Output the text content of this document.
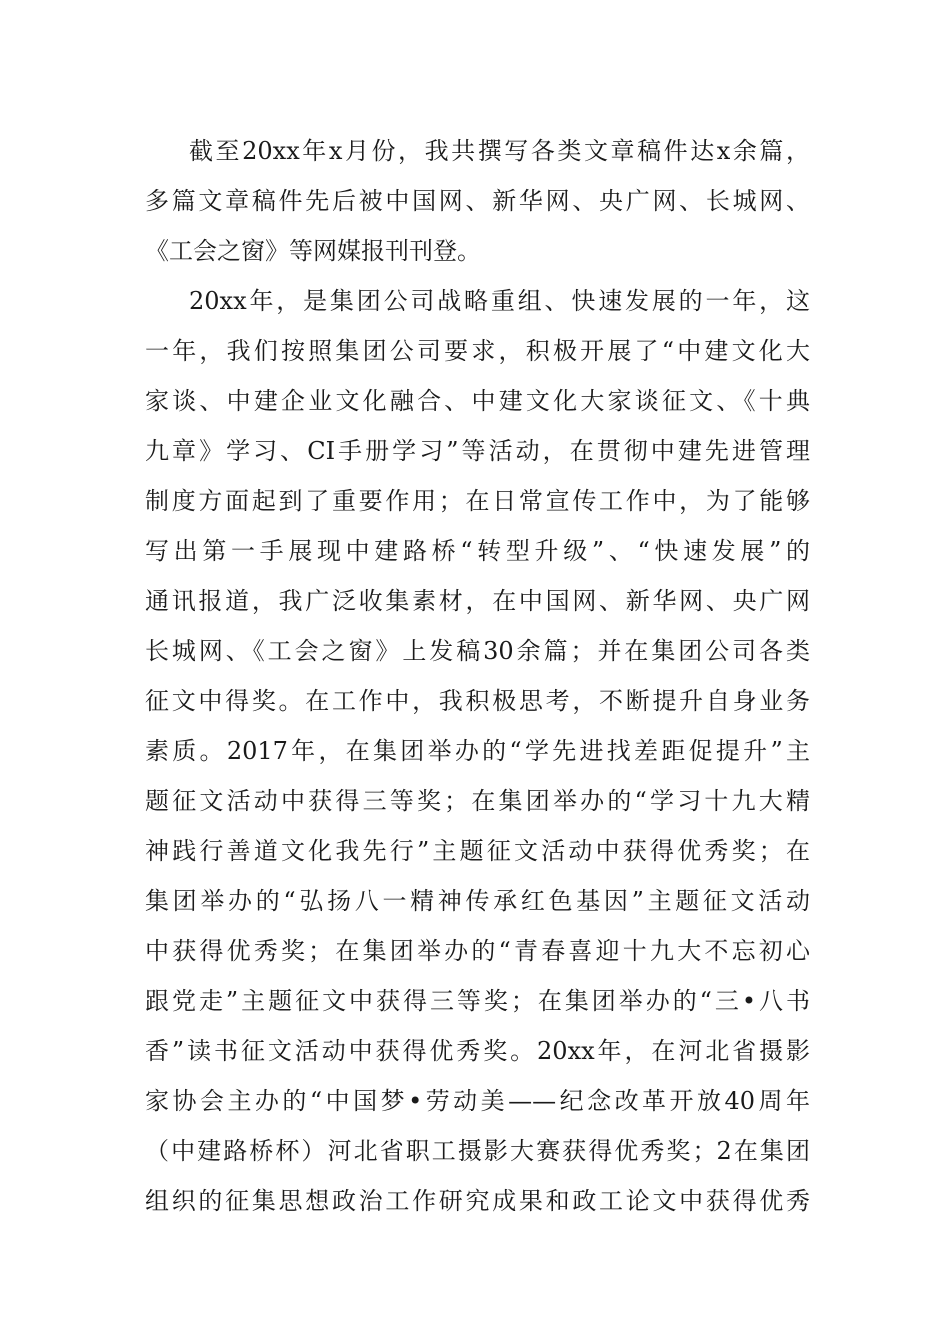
截至20xx年x月份，我共撰写各类文章稿件达x余篇，
多篇文章稿件先后被中国网、新华网、央广网、长城网、
《工会之窗》等网媒报刊刊登。
20xx年，是集团公司战略重组、快速发展的一年，这
一年，我们按照集团公司要求，积极开展了“中建文化大
家谈、中建企业文化融合、中建文化大家谈征文、《十典
九章》学习、CI手册学习”等活动，在贯彻中建先进管理
制度方面起到了重要作用；在日常宣传工作中，为了能够
写出第一手展现中建路桥“转型升级”、“快速发展”的
通讯报道，我广泛收集素材，在中国网、新华网、央广网
长城网、《工会之窗》上发稿30余篇；并在集团公司各类
征文中得奖。在工作中，我积极思考，不断提升自身业务
素质。2017年，在集团举办的“学先进找差距促提升”主
题征文活动中获得三等奖；在集团举办的“学习十九大精
神践行善道文化我先行”主题征文活动中获得优秀奖；在
集团举办的“弘扬八一精神传承红色基因”主题征文活动
中获得优秀奖；在集团举办的“青春喜迎十九大不忘初心
跟党走”主题征文中获得三等奖；在集团举办的“三•八书
香”读书征文活动中获得优秀奖。20xx年，在河北省摄影
家协会主办的“中国梦•劳动美——纪念改革开放40周年
（中建路桥杯）河北省职工摄影大赛获得优秀奖；2在集团
组织的征集思想政治工作研究成果和政工论文中获得优秀
